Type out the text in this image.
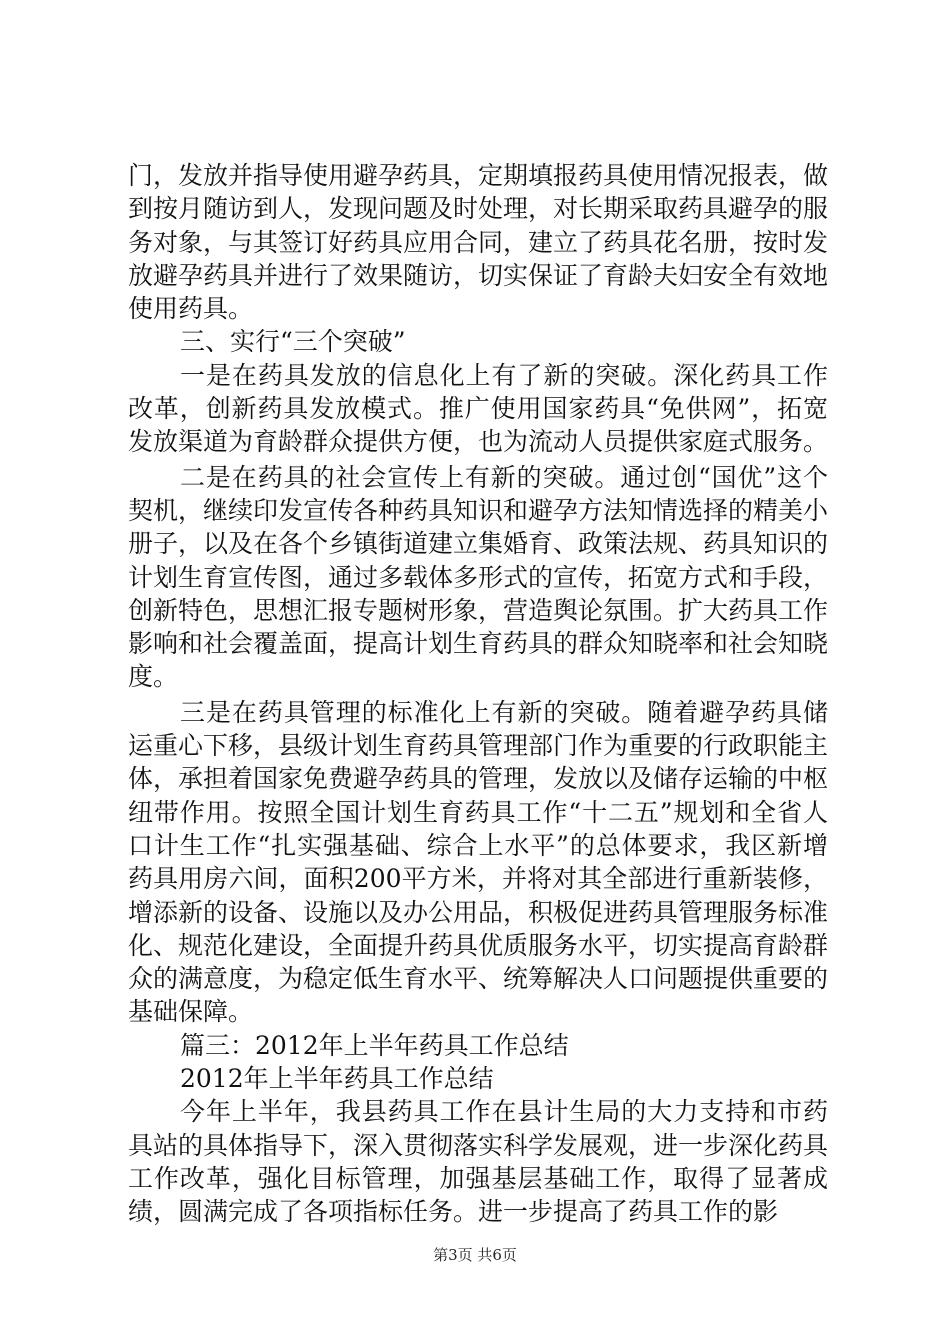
门，发放并指导使用避孕药具，定期填报药具使用情况报表，做到按月随访到人，发现问题及时处理，对长期采取药具避孕的服务对象，与其签订好药具应用合同，建立了药具花名册，按时发放避孕药具并进行了效果随访，切实保证了育龄夫妇安全有效地使用药具。

三、实行“三个突破”

一是在药具发放的信息化上有了新的突破。深化药具工作改革，创新药具发放模式。推广使用国家药具“免供网”，拓宽发放渠道为育龄群众提供方便，也为流动人员提供家庭式服务。

二是在药具的社会宣传上有新的突破。通过创“国优”这个契机，继续印发宣传各种药具知识和避孕方法知情选择的精美小册子，以及在各个乡镇街道建立集婚育、政策法规、药具知识的计划生育宣传图，通过多载体多形式的宣传，拓宽方式和手段，创新特色，思想汇报专题树形象，营造舆论氛围。扩大药具工作影响和社会覆盖面，提高计划生育药具的群众知晓率和社会知晓度。

三是在药具管理的标准化上有新的突破。随着避孕药具储运重心下移，县级计划生育药具管理部门作为重要的行政职能主体，承担着国家免费避孕药具的管理，发放以及储存运输的中枢纽带作用。按照全国计划生育药具工作“十二五”规划和全省人口计生工作“扎实强基础、综合上水平”的总体要求，我区新增药具用房六间，面积200平方米，并将对其全部进行重新装修，增添新的设备、设施以及办公用品，积极促进药具管理服务标准化、规范化建设，全面提升药具优质服务水平，切实提高育龄群众的满意度，为稳定低生育水平、统筹解决人口问题提供重要的基础保障。

篇三：2012年上半年药具工作总结

2012年上半年药具工作总结

今年上半年，我县药具工作在县计生局的大力支持和市药具站的具体指导下，深入贯彻落实科学发展观，进一步深化药具工作改革，强化目标管理，加强基层基础工作，取得了显著成绩，圆满完成了各项指标任务。进一步提高了药具工作的影

第3页 共6页
